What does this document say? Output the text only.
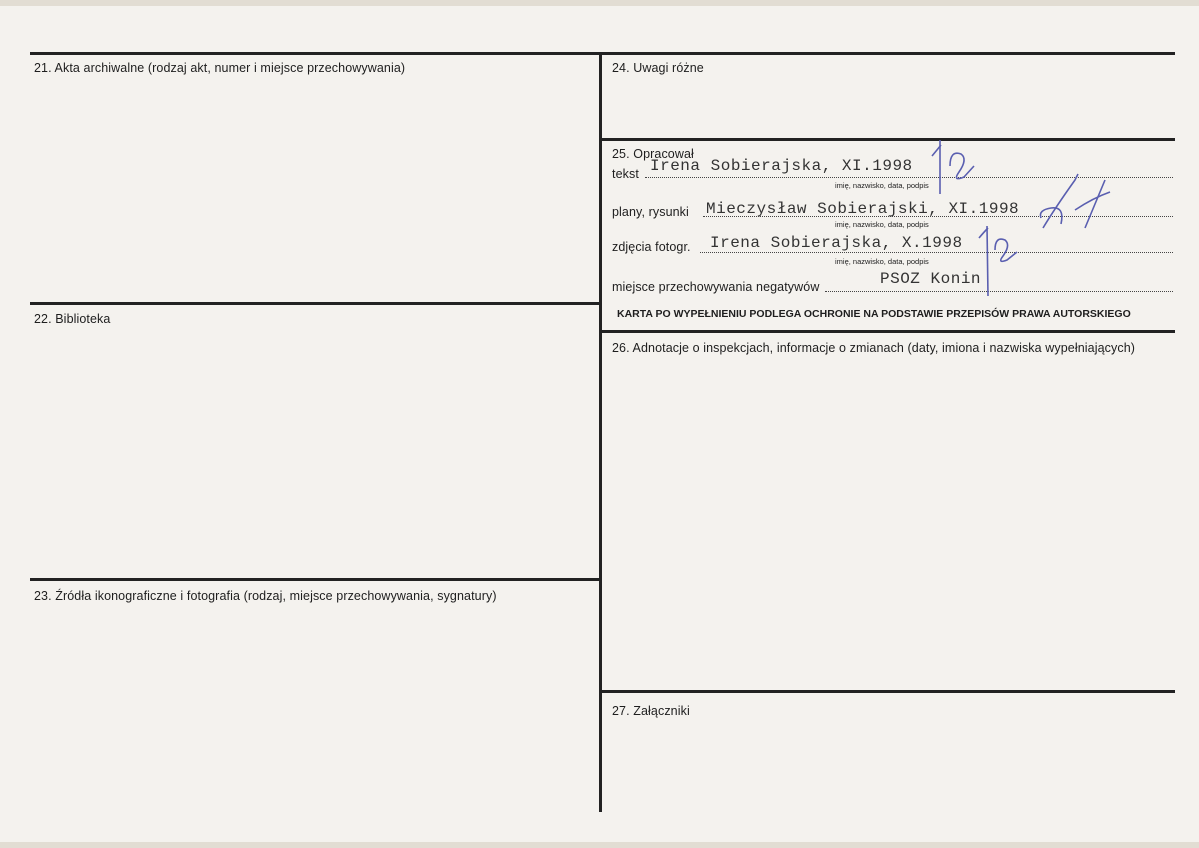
21. Akta archiwalne (rodzaj akt, numer i miejsce przechowywania)
22. Biblioteka
23. Źródła ikonograficzne i fotografia (rodzaj, miejsce przechowywania, sygnatury)
24. Uwagi różne
25. Opracował
tekst Irena Sobierajska, XI.1998
imię, nazwisko, data, podpis
plany, rysunki Mieczysław Sobierajski, XI.1998
imię, nazwisko, data, podpis
zdjęcia fotogr. Irena Sobierajska, X.1998
imię, nazwisko, data, podpis
miejsce przechowywania negatywów	PSOZ Konin
KARTA PO WYPEŁNIENIU PODLEGA OCHRONIE NA PODSTAWIE PRZEPISÓW PRAWA AUTORSKIEGO
26. Adnotacje o inspekcjach, informacje o zmianach (daty, imiona i nazwiska wypełniających)
27. Załączniki
